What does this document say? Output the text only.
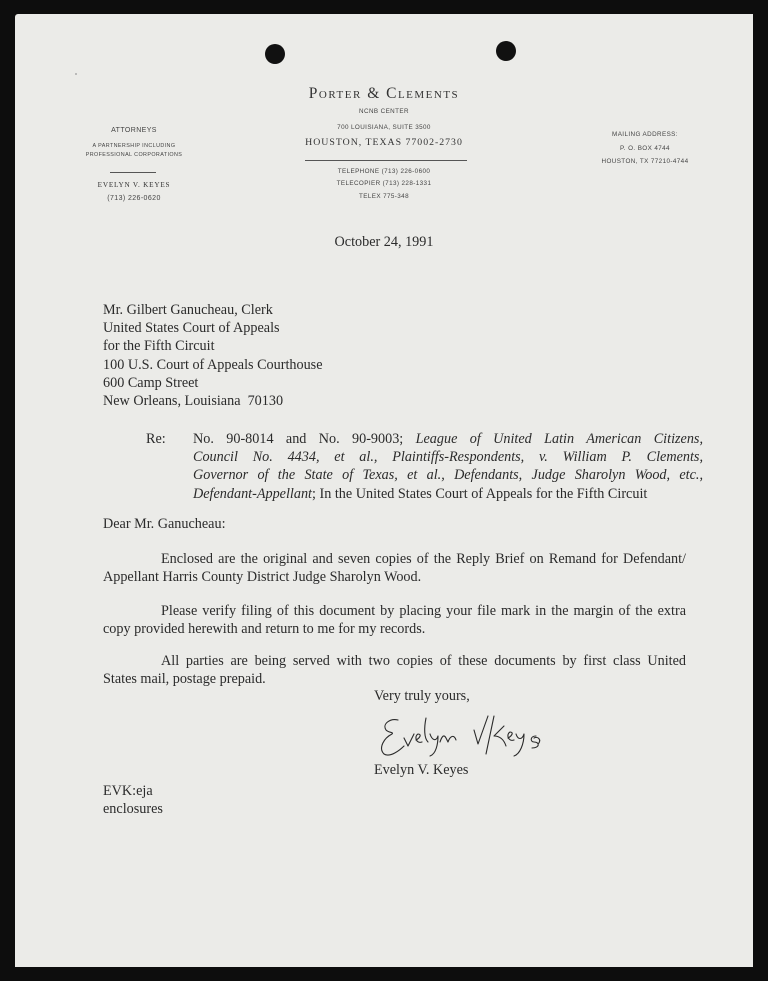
Porter & Clements
NCNB CENTER
700 LOUISIANA, SUITE 3500
HOUSTON, TEXAS 77002-2730
TELEPHONE (713) 226-0600
TELECOPIER (713) 228-1331
TELEX 775-348
ATTORNEYS
A PARTNERSHIP INCLUDING
PROFESSIONAL CORPORATIONS
EVELYN V. KEYES
(713) 226-0620
MAILING ADDRESS:
P. O. BOX 4744
HOUSTON, TX 77210-4744
October 24, 1991
Mr. Gilbert Ganucheau, Clerk
United States Court of Appeals
for the Fifth Circuit
100 U.S. Court of Appeals Courthouse
600 Camp Street
New Orleans, Louisiana  70130
Re: No. 90-8014 and No. 90-9003; League of United Latin American Citizens,
Council No. 4434, et al., Plaintiffs-Respondents, v. William P. Clements,
Governor of the State of Texas, et al., Defendants, Judge Sharolyn Wood, etc.,
Defendant-Appellant; In the United States Court of Appeals for the Fifth Circuit
Dear Mr. Ganucheau:
Enclosed are the original and seven copies of the Reply Brief on Remand for Defendant/
Appellant Harris County District Judge Sharolyn Wood.
Please verify filing of this document by placing your file mark in the margin of the extra
copy provided herewith and return to me for my records.
All parties are being served with two copies of these documents by first class United
States mail, postage prepaid.
Very truly yours,
Evelyn V. Keyes
EVK:eja
enclosures
